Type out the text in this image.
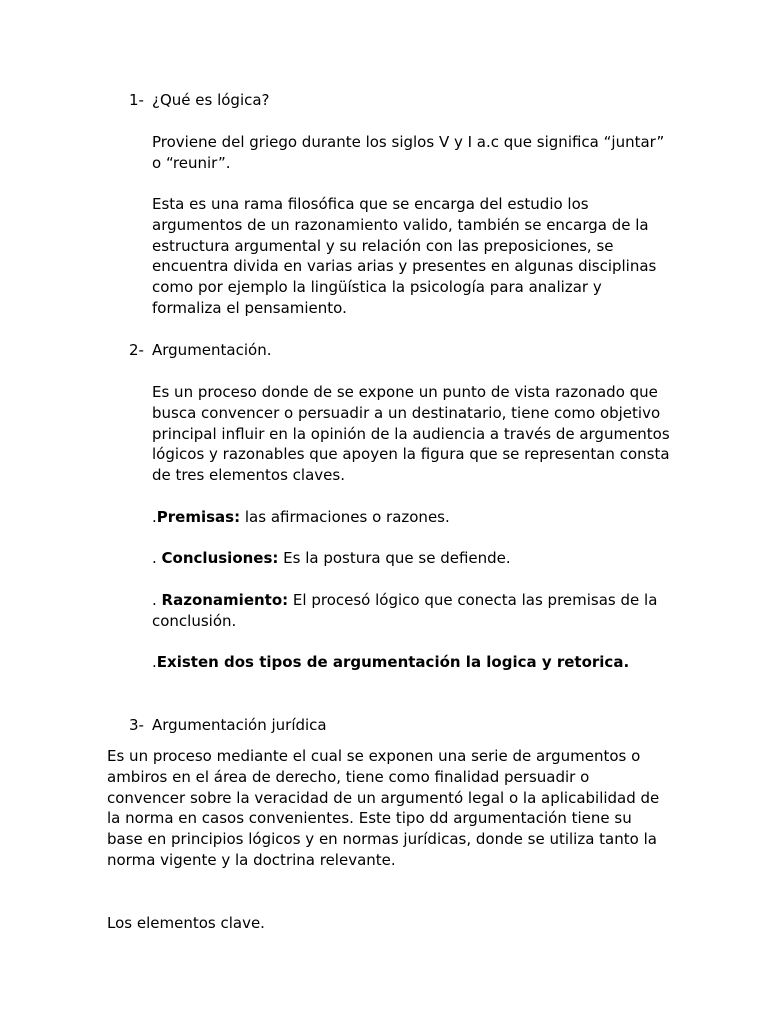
1- ¿Qué es lógica?

Proviene del griego durante los siglos V y I a.c que significa “juntar” o “reunir”.

Esta es una rama filosófica que se encarga del estudio los argumentos de un razonamiento valido, también se encarga de la estructura argumental y su relación con las preposiciones, se encuentra divida en varias arias y presentes en algunas disciplinas como por ejemplo la lingüística la psicología para analizar y formaliza el pensamiento.

2- Argumentación.

Es un proceso donde de se expone un punto de vista razonado que busca convencer o persuadir a un destinatario, tiene como objetivo principal influir en la opinión de la audiencia a través de argumentos lógicos y razonables que apoyen la figura que se representan consta de tres elementos claves.

.Premisas: las afirmaciones o razones.

. Conclusiones: Es la postura que se defiende.

. Razonamiento: El procesó lógico que conecta las premisas de la conclusión.

.Existen dos tipos de argumentación la logica y retorica.

3- Argumentación jurídica

Es un proceso mediante el cual se exponen una serie de argumentos o ambiros en el área de derecho, tiene como finalidad persuadir o convencer sobre la veracidad de un argumentó legal o la aplicabilidad de la norma en casos convenientes. Este tipo dd argumentación tiene su base en principios lógicos y en normas jurídicas, donde se utiliza tanto la norma vigente y la doctrina relevante.

Los elementos clave.
